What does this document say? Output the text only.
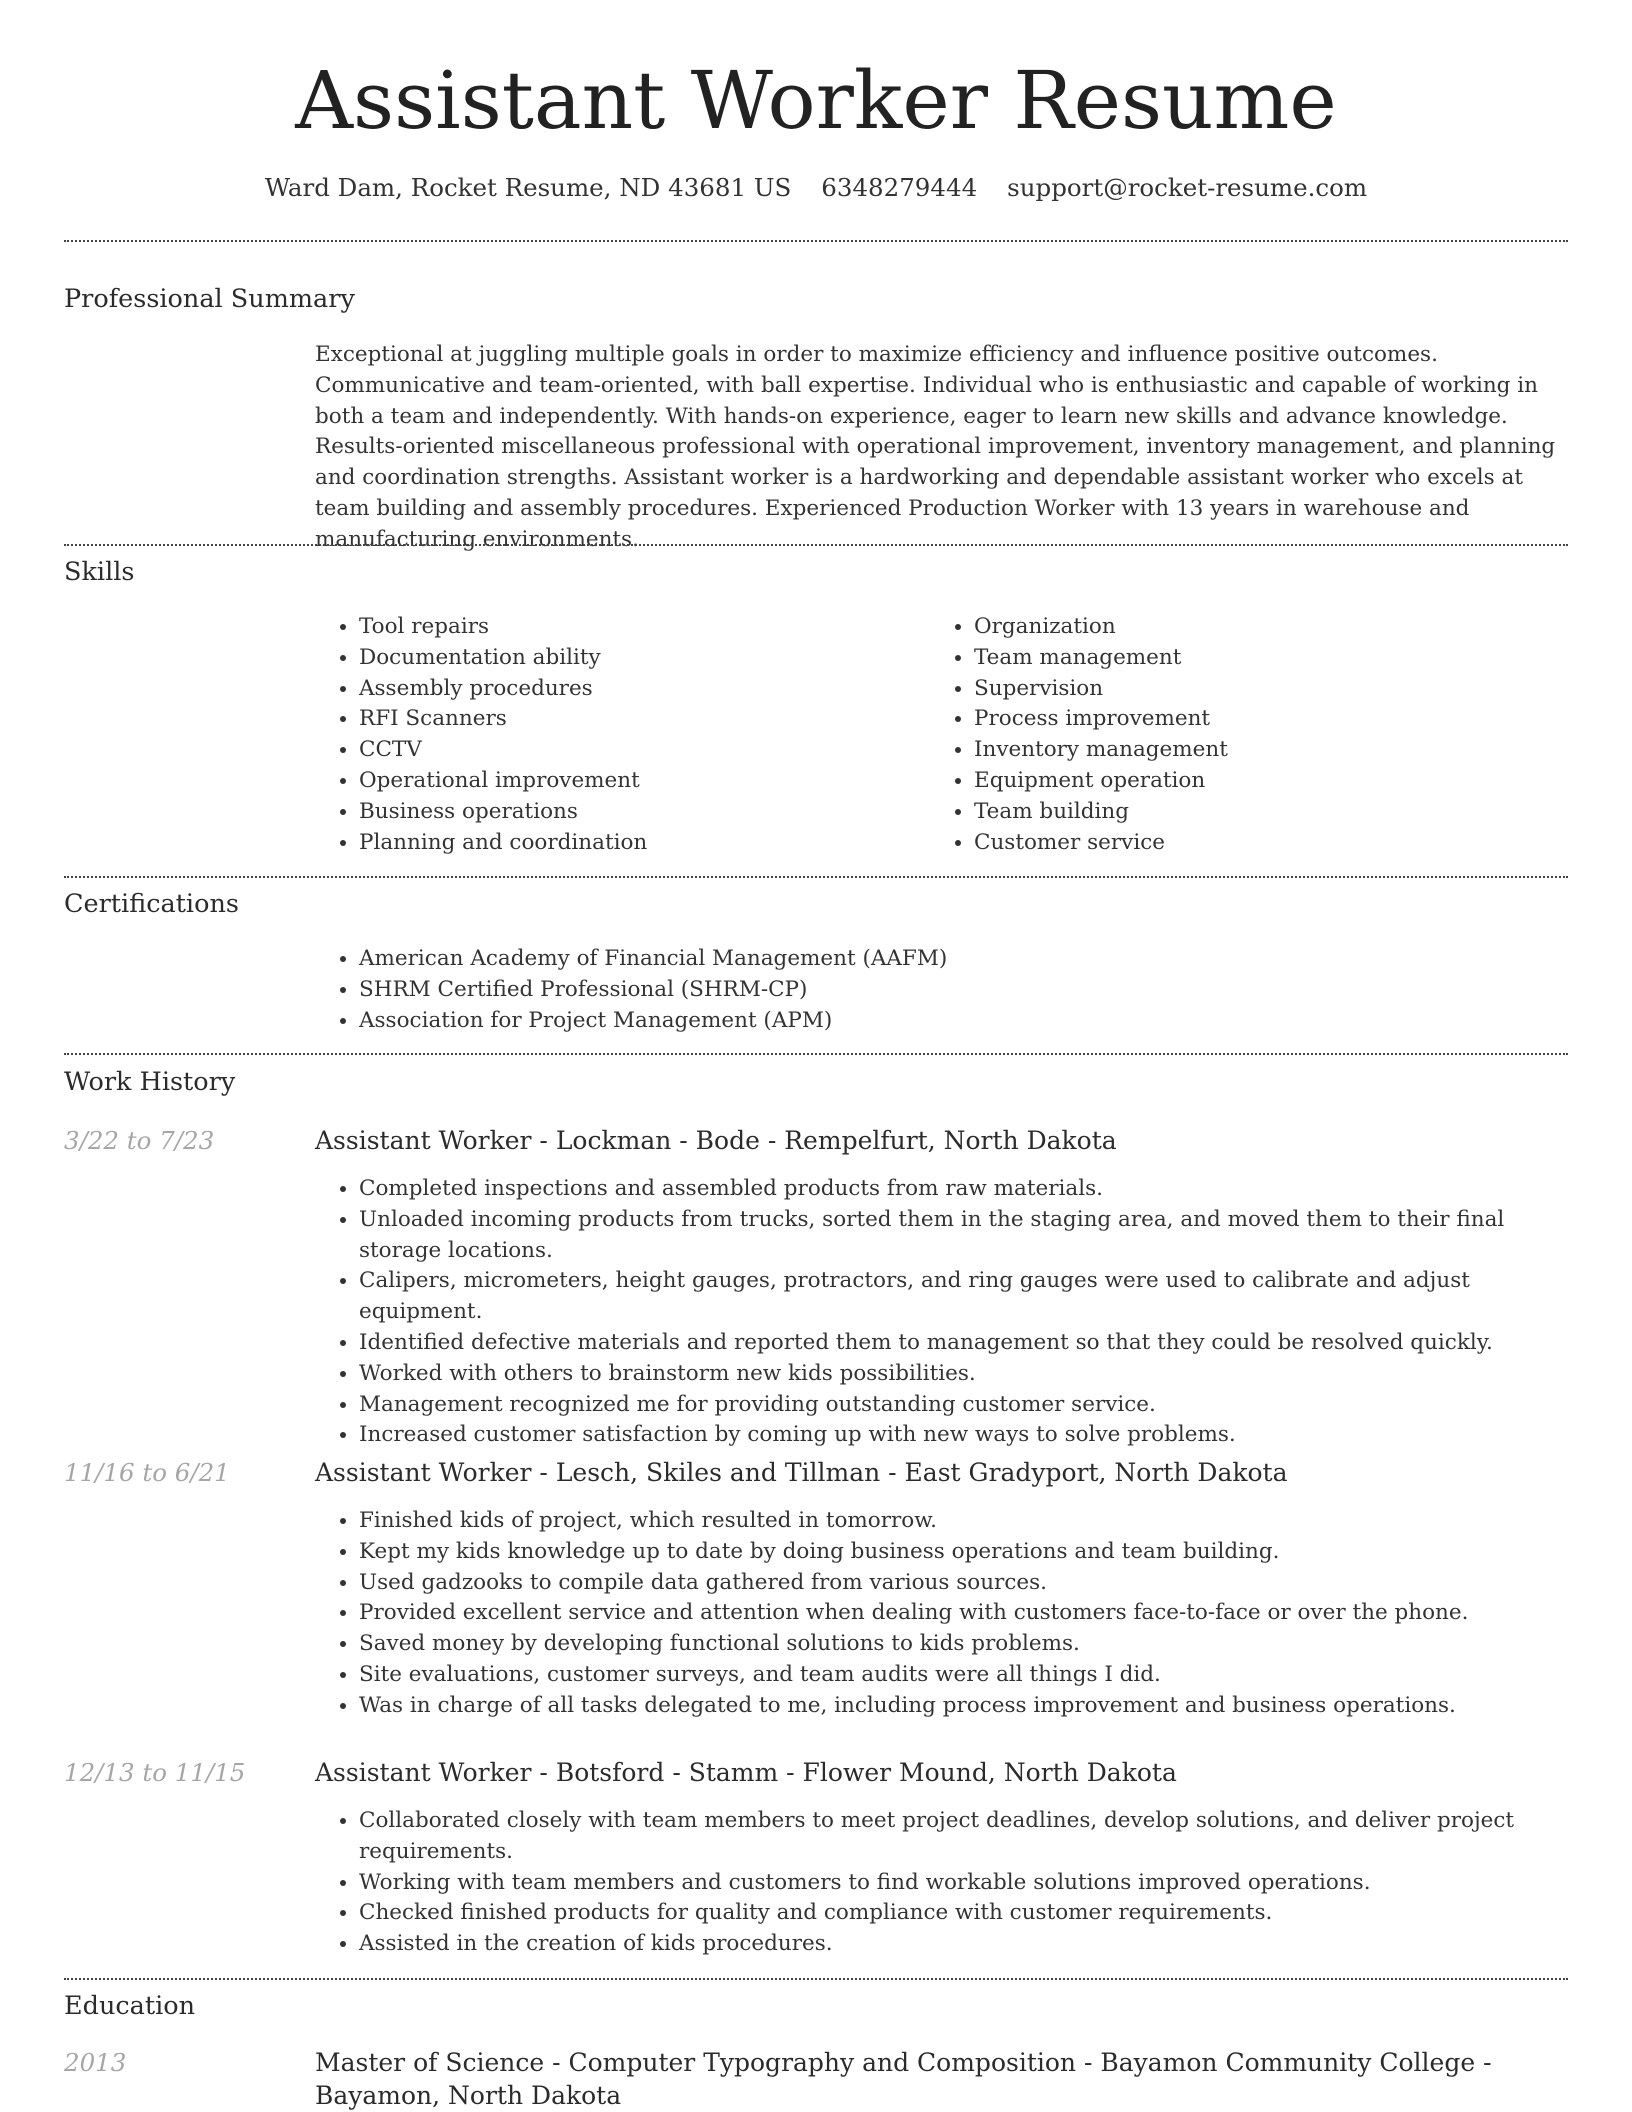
Assistant Worker Resume
Ward Dam, Rocket Resume, ND 43681 US 6348279444 support@rocket-resume.com
Professional Summary
Exceptional at juggling multiple goals in order to maximize efficiency and influence positive outcomes. Communicative and team-oriented, with ball expertise. Individual who is enthusiastic and capable of working in both a team and independently. With hands-on experience, eager to learn new skills and advance knowledge. Results-oriented miscellaneous professional with operational improvement, inventory management, and planning and coordination strengths. Assistant worker is a hardworking and dependable assistant worker who excels at team building and assembly procedures. Experienced Production Worker with 13 years in warehouse and manufacturing environments.
Skills
• Tool repairs
• Documentation ability
• Assembly procedures
• RFI Scanners
• CCTV
• Operational improvement
• Business operations
• Planning and coordination
• Organization
• Team management
• Supervision
• Process improvement
• Inventory management
• Equipment operation
• Team building
• Customer service
Certifications
• American Academy of Financial Management (AAFM)
• SHRM Certified Professional (SHRM-CP)
• Association for Project Management (APM)
Work History
3/22 to 7/23	Assistant Worker - Lockman - Bode - Rempelfurt, North Dakota
• Completed inspections and assembled products from raw materials.
• Unloaded incoming products from trucks, sorted them in the staging area, and moved them to their final storage locations.
• Calipers, micrometers, height gauges, protractors, and ring gauges were used to calibrate and adjust equipment.
• Identified defective materials and reported them to management so that they could be resolved quickly.
• Worked with others to brainstorm new kids possibilities.
• Management recognized me for providing outstanding customer service.
• Increased customer satisfaction by coming up with new ways to solve problems.
11/16 to 6/21	Assistant Worker - Lesch, Skiles and Tillman - East Gradyport, North Dakota
• Finished kids of project, which resulted in tomorrow.
• Kept my kids knowledge up to date by doing business operations and team building.
• Used gadzooks to compile data gathered from various sources.
• Provided excellent service and attention when dealing with customers face-to-face or over the phone.
• Saved money by developing functional solutions to kids problems.
• Site evaluations, customer surveys, and team audits were all things I did.
• Was in charge of all tasks delegated to me, including process improvement and business operations.
12/13 to 11/15	Assistant Worker - Botsford - Stamm - Flower Mound, North Dakota
• Collaborated closely with team members to meet project deadlines, develop solutions, and deliver project requirements.
• Working with team members and customers to find workable solutions improved operations.
• Checked finished products for quality and compliance with customer requirements.
• Assisted in the creation of kids procedures.
Education
2013	Master of Science - Computer Typography and Composition - Bayamon Community College - Bayamon, North Dakota
